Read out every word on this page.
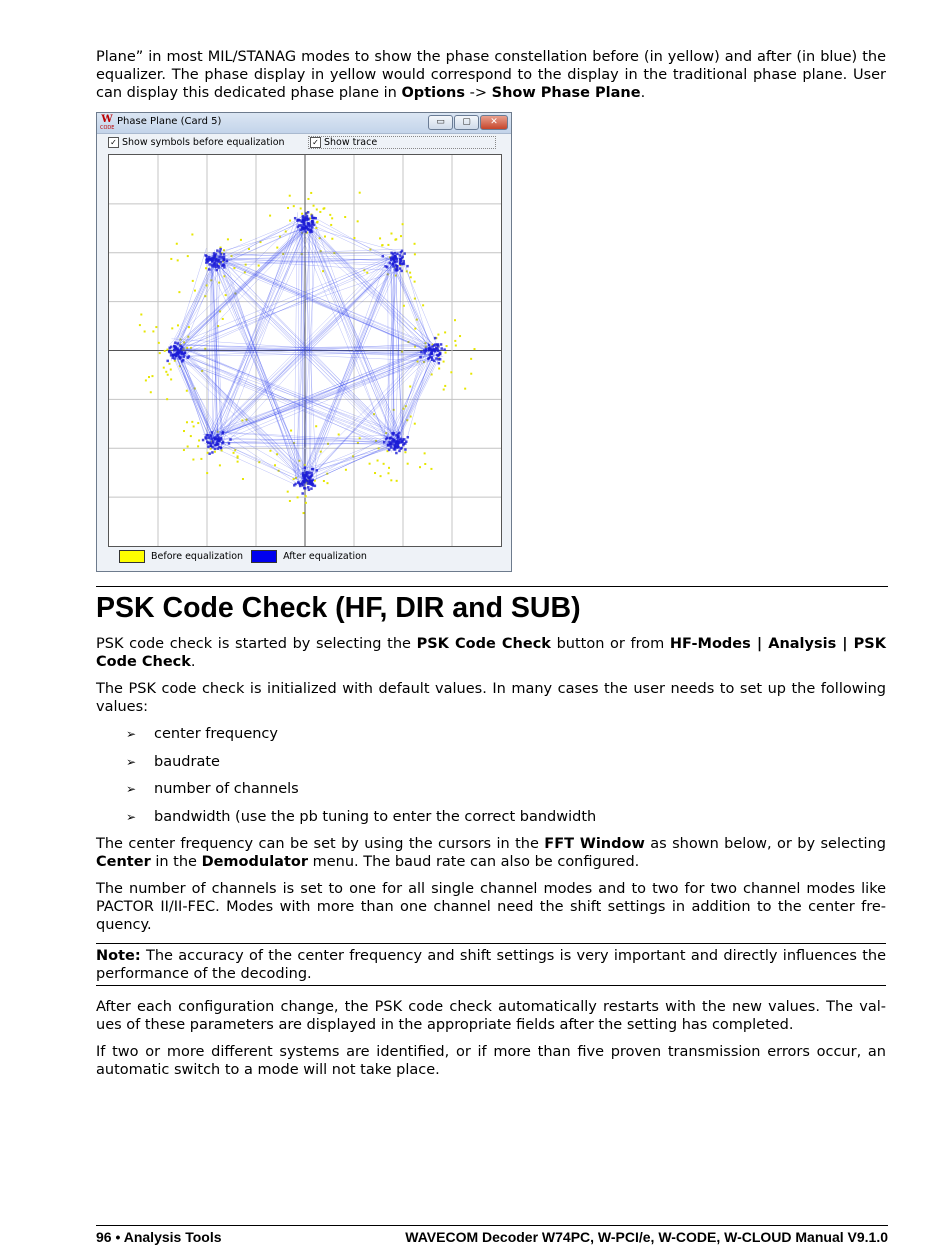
Plane” in most MIL/STANAG modes to show the phase constellation before (in yellow) and after (in blue) the equalizer. The phase display in yellow would correspond to the display in the traditional phase plane. User can display this dedicated phase plane in Options -> Show Phase Plane.

W
CODE
Phase Plane (Card 5)	▭	▢	✕
✓ Show symbols before equalization	✓ Show trace
Before equalization	After equalization
PSK Code Check (HF, DIR and SUB)

PSK code check is started by selecting the PSK Code Check button or from HF-Modes | Analysis | PSK Code Check.

The PSK code check is initialized with default values. In many cases the user needs to set up the following values:

➢ center frequency
➢ baudrate
➢ number of channels
➢ bandwidth (use the pb tuning to enter the correct bandwidth

The center frequency can be set by using the cursors in the FFT Window as shown below, or by selecting Center in the Demodulator menu. The baud rate can also be configured.

The number of channels is set to one for all single channel modes and to two for two channel modes like PACTOR II/II-FEC. Modes with more than one channel need the shift settings in addition to the center fre-quency.

Note: The accuracy of the center frequency and shift settings is very important and directly influences the performance of the decoding.

After each configuration change, the PSK code check automatically restarts with the new values. The val-ues of these parameters are displayed in the appropriate fields after the setting has completed.

If two or more different systems are identified, or if more than five proven transmission errors occur, an automatic switch to a mode will not take place.

96 • Analysis Tools	WAVECOM Decoder W74PC, W-PCI/e, W-CODE, W-CLOUD Manual V9.1.0
